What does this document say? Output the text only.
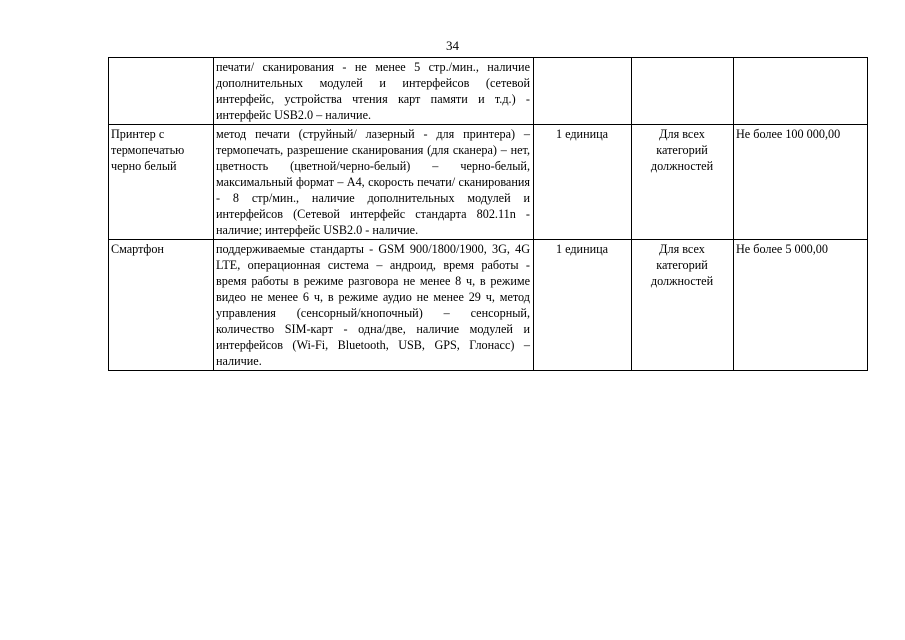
34
	печати/ сканирования - не менее 5 стр./мин., наличие дополнительных модулей и интерфейсов (сетевой интерфейс, устройства чтения карт памяти и т.д.) - интерфейс USB2.0 – наличие.			
Принтер с термопечатью черно белый	метод печати (струйный/ лазерный - для принтера) – термопечать, разрешение сканирования (для сканера) – нет, цветность (цветной/черно-белый) – черно-белый, максимальный формат – А4, скорость печати/ сканирования - 8 стр/мин., наличие дополнительных модулей и интерфейсов (Сетевой интерфейс стандарта 802.11n - наличие; интерфейс USB2.0 - наличие.	1 единица	Для всех категорий должностей	Не более 100 000,00
Смартфон	поддерживаемые стандарты - GSM 900/1800/1900, 3G, 4G LTE, операционная система – андроид, время работы - время работы в режиме разговора не менее 8 ч, в режиме видео не менее 6 ч, в режиме аудио не менее 29 ч, метод управления (сенсорный/кнопочный) – сенсорный, количество SIM-карт - одна/две, наличие модулей и интерфейсов (Wi-Fi, Bluetooth, USB, GPS, Глонасс) – наличие.	1 единица	Для всех категорий должностей	Не более 5 000,00
